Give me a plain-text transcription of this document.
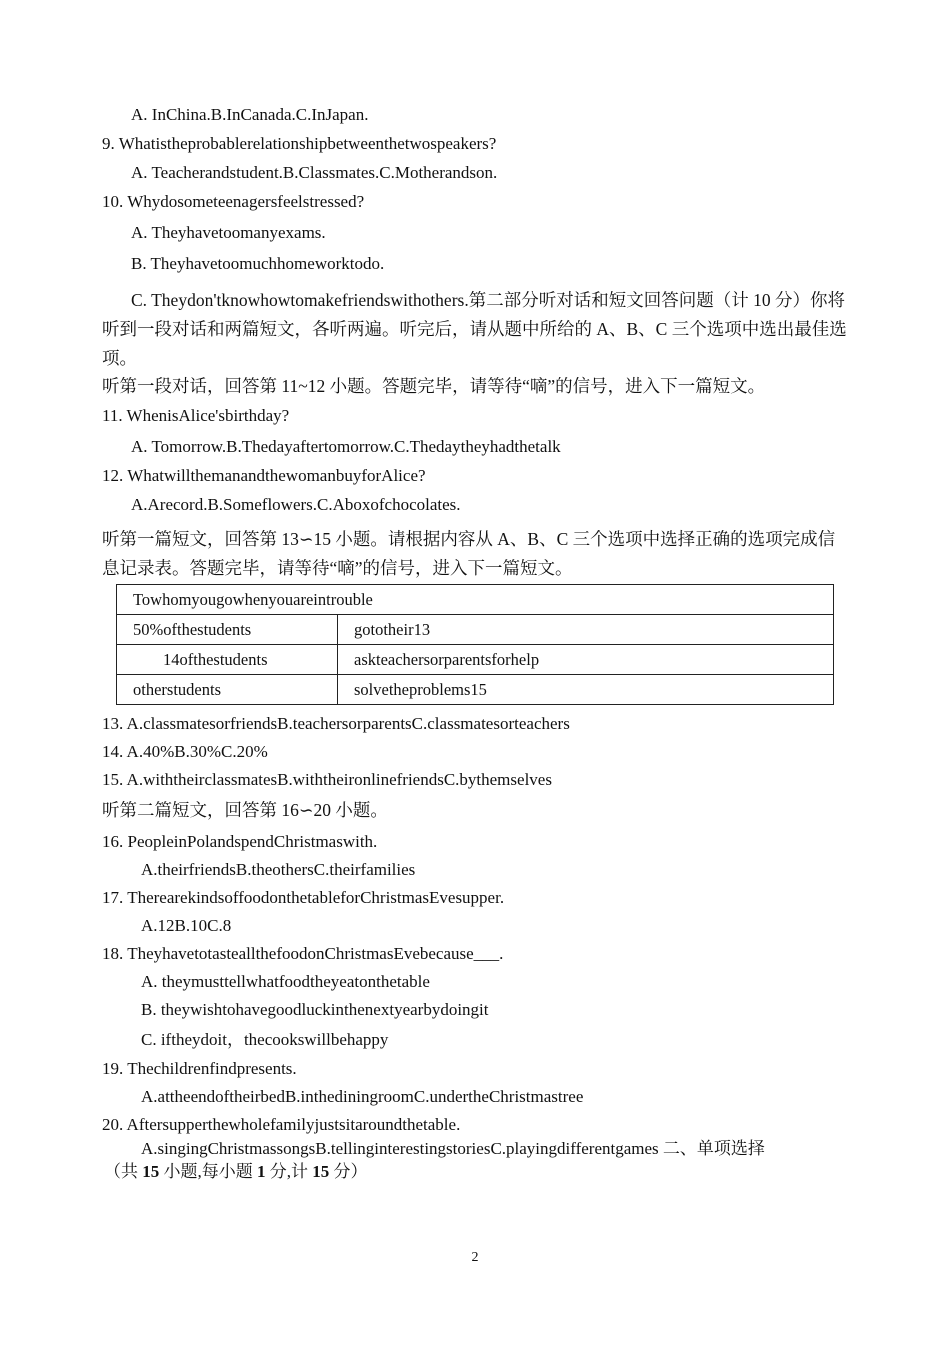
A. InChina.B.InCanada.C.InJapan.
9. Whatistheprobablerelationshipbetweenthetwospeakers?
A. Teacherandstudent.B.Classmates.C.Motherandson.
10. Whydosometeenagersfeelstressed?
A. Theyhavetoomanyexams.
B. Theyhavetoomuchhomeworktodo.
C. Theydon'tknowhowtomakefriendswithothers.第二部分听对话和短文回答问题（计 10 分）你将听到一段对话和两篇短文，各听两遍。听完后，请从题中所给的 A、B、C 三个选项中选出最佳选项。
听第一段对话，回答第 11~12 小题。答题完毕，请等待“嘀”的信号，进入下一篇短文。
11. WhenisAlice'sbirthday?
A. Tomorrow.B.Thedayaftertomorrow.C.Thedaytheyhadthetalk
12. WhatwillthemanandthewomanbuyforAlice?
A.Arecord.B.Someflowers.C.Aboxofchocolates.
听第一篇短文，回答第 13∽15 小题。请根据内容从 A、B、C 三个选项中选择正确的选项完成信息记录表。答题完毕，请等待“嘀”的信号，进入下一篇短文。
Towhomyougowhenyouareintrouble	
50%ofthestudents	gototheir13
14ofthestudents	askteachersorparentsforhelp
otherstudents	solvetheproblems15
13. A.classmatesorfriendsB.teachersorparentsC.classmatesorteachers
14. A.40%B.30%C.20%
15. A.withtheirclassmatesB.withtheironlinefriendsC.bythemselves
听第二篇短文，回答第 16∽20 小题。
16. PeopleinPolandspendChristmaswith.
A.theirfriendsB.theothersC.theirfamilies
17. TherearekindsoffoodonthetableforChristmasEvesupper.
A.12B.10C.8
18. TheyhavetotasteallthefoodonChristmasEvebecause___.
A. theymusttellwhatfoodtheyeatonthetable
B. theywishtohavegoodluckinthenextyearbydoingit
C. iftheydoit，thecookswillbehappy
19. Thechildrenfindpresents.
A.attheendoftheirbedB.inthediningroomC.undertheChristmastree
20. Aftersupperthewholefamilyjustsitaroundthetable.
A.singingChristmassongsB.tellinginterestingstoriesC.playingdifferentgames 二、单项选择
（共 15 小题,每小题 1 分,计 15 分）
2
